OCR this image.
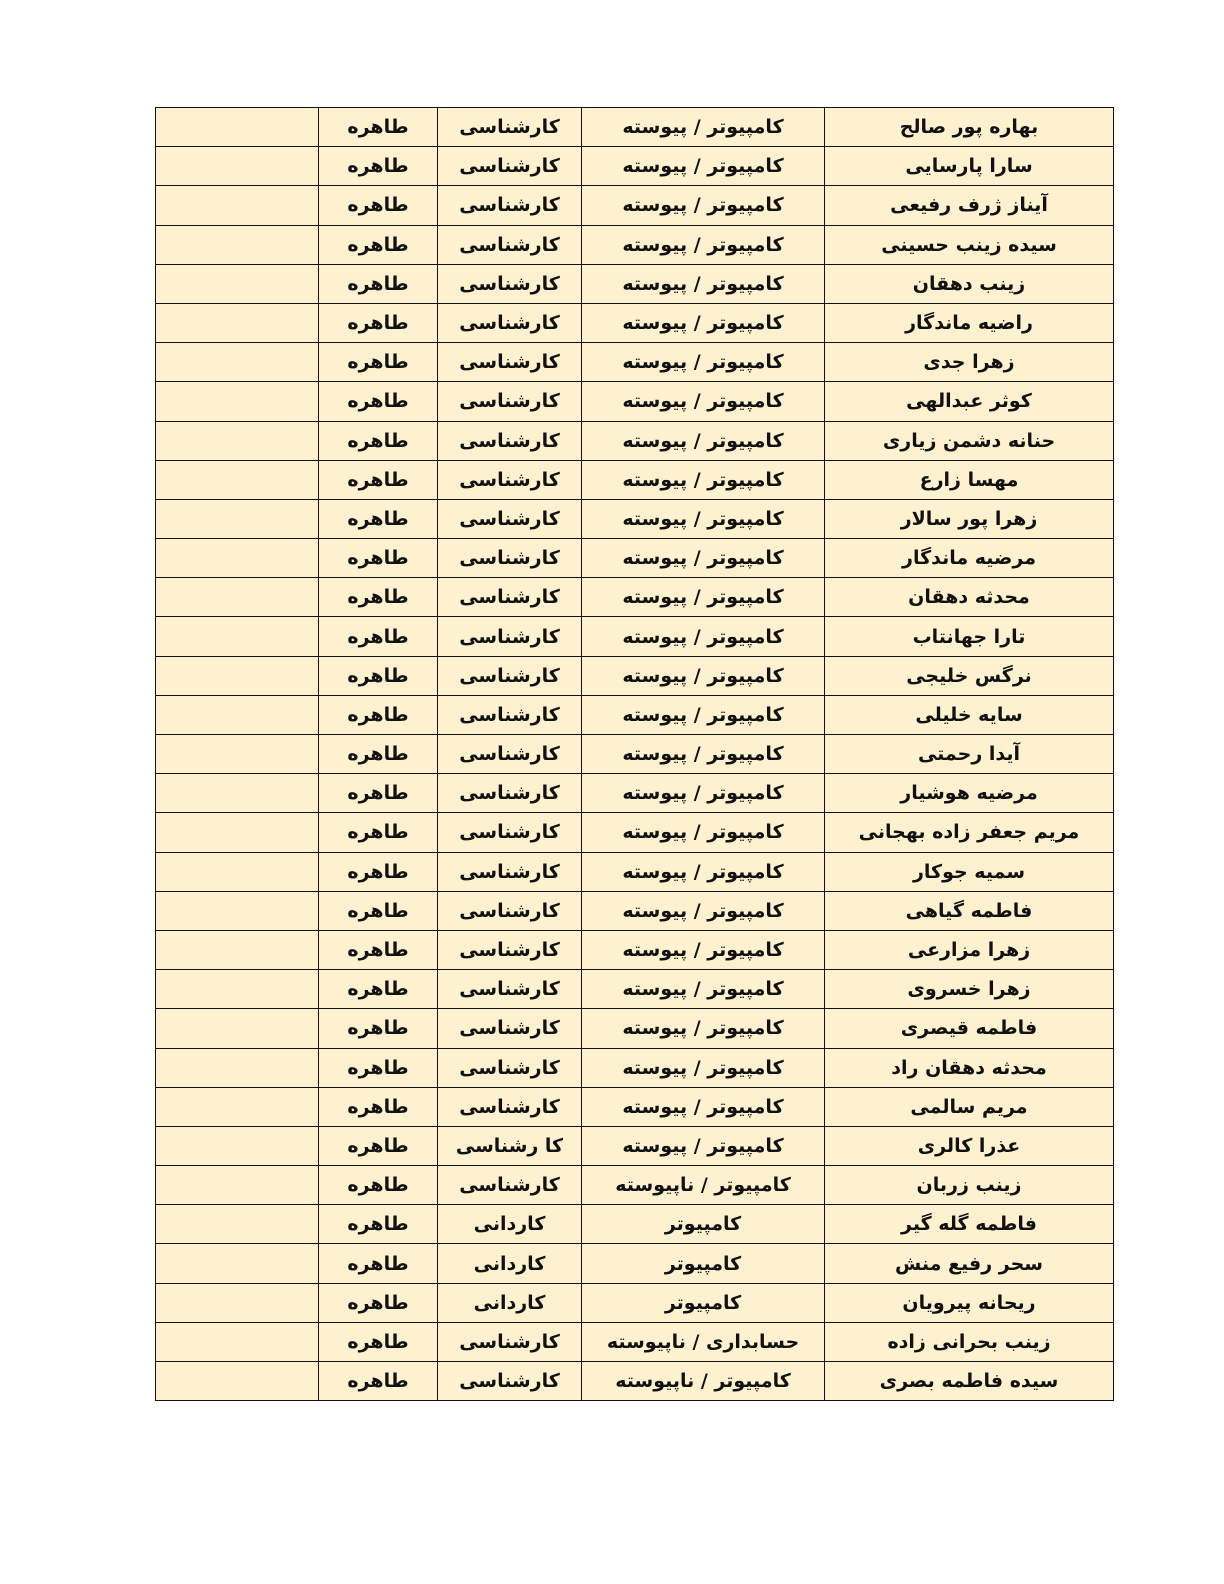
	طاهره	کارشناسی	کامپیوتر / پیوسته	بهاره پور صالح
	طاهره	کارشناسی	کامپیوتر / پیوسته	سارا پارسایی
	طاهره	کارشناسی	کامپیوتر / پیوسته	آیناز ژرف رفیعی
	طاهره	کارشناسی	کامپیوتر / پیوسته	سیده زینب حسینی
	طاهره	کارشناسی	کامپیوتر / پیوسته	زینب دهقان
	طاهره	کارشناسی	کامپیوتر / پیوسته	راضیه ماندگار
	طاهره	کارشناسی	کامپیوتر / پیوسته	زهرا جدی
	طاهره	کارشناسی	کامپیوتر / پیوسته	کوثر عبدالهی
	طاهره	کارشناسی	کامپیوتر / پیوسته	حنانه دشمن زیاری
	طاهره	کارشناسی	کامپیوتر / پیوسته	مهسا زارع
	طاهره	کارشناسی	کامپیوتر / پیوسته	زهرا پور سالار
	طاهره	کارشناسی	کامپیوتر / پیوسته	مرضیه ماندگار
	طاهره	کارشناسی	کامپیوتر / پیوسته	محدثه دهقان
	طاهره	کارشناسی	کامپیوتر / پیوسته	تارا جهانتاب
	طاهره	کارشناسی	کامپیوتر / پیوسته	نرگس خلیجی
	طاهره	کارشناسی	کامپیوتر / پیوسته	سایه خلیلی
	طاهره	کارشناسی	کامپیوتر / پیوسته	آیدا رحمتی
	طاهره	کارشناسی	کامپیوتر / پیوسته	مرضیه هوشیار
	طاهره	کارشناسی	کامپیوتر / پیوسته	مریم جعفر زاده بهجانی
	طاهره	کارشناسی	کامپیوتر / پیوسته	سمیه جوکار
	طاهره	کارشناسی	کامپیوتر / پیوسته	فاطمه گیاهی
	طاهره	کارشناسی	کامپیوتر / پیوسته	زهرا مزارعی
	طاهره	کارشناسی	کامپیوتر / پیوسته	زهرا خسروی
	طاهره	کارشناسی	کامپیوتر / پیوسته	فاطمه قیصری
	طاهره	کارشناسی	کامپیوتر / پیوسته	محدثه دهقان راد
	طاهره	کارشناسی	کامپیوتر / پیوسته	مریم سالمی
	طاهره	کا رشناسی	کامپیوتر / پیوسته	عذرا کالری
	طاهره	کارشناسی	کامپیوتر / ناپیوسته	زینب زربان
	طاهره	کاردانی	کامپیوتر	فاطمه گله گیر
	طاهره	کاردانی	کامپیوتر	سحر رفیع منش
	طاهره	کاردانی	کامپیوتر	ریحانه پیرویان
	طاهره	کارشناسی	حسابداری / ناپیوسته	زینب بحرانی زاده
	طاهره	کارشناسی	کامپیوتر / ناپیوسته	سیده فاطمه بصری
